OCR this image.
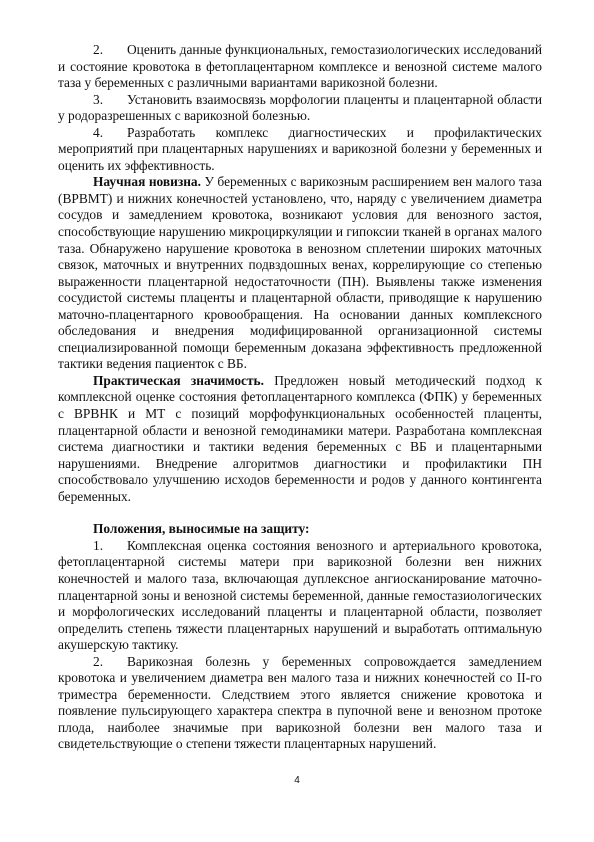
2. Оценить данные функциональных, гемостазиологических исследований и состояние кровотока в фетоплацентарном комплексе и венозной системе малого таза у беременных с различными вариантами варикозной болезни.

3. Установить взаимосвязь морфологии плаценты и плацентарной области у родоразрешенных с варикозной болезнью.

4. Разработать комплекс диагностических и профилактических мероприятий при плацентарных нарушениях и варикозной болезни у беременных и оценить их эффективность.

Научная новизна. У беременных с варикозным расширением вен малого таза (ВРВМТ) и нижних конечностей установлено, что, наряду с увеличением диаметра сосудов и замедлением кровотока, возникают условия для венозного застоя, способствующие нарушению микроциркуляции и гипоксии тканей в органах малого таза. Обнаружено нарушение кровотока в венозном сплетении широких маточных связок, маточных и внутренних подвздошных венах, коррелирующие со степенью выраженности плацентарной недостаточности (ПН). Выявлены также изменения сосудистой системы плаценты и плацентарной области, приводящие к нарушению маточно-плацентарного кровообращения. На основании данных комплексного обследования и внедрения модифицированной организационной системы специализированной помощи беременным доказана эффективность предложенной тактики ведения пациенток с ВБ.

Практическая значимость. Предложен новый методический подход к комплексной оценке состояния фетоплацентарного комплекса (ФПК) у беременных с ВРВНК и МТ с позиций морфофункциональных особенностей плаценты, плацентарной области и венозной гемодинамики матери. Разработана комплексная система диагностики и тактики ведения беременных с ВБ и плацентарными нарушениями. Внедрение алгоритмов диагностики и профилактики ПН способствовало улучшению исходов беременности и родов у данного контингента беременных.

Положения, выносимые на защиту:

1. Комплексная оценка состояния венозного и артериального кровотока, фетоплацентарной системы матери при варикозной болезни вен нижних конечностей и малого таза, включающая дуплексное ангиосканирование маточно-плацентарной зоны и венозной системы беременной, данные гемостазиологических и морфологических исследований плаценты и плацентарной области, позволяет определить степень тяжести плацентарных нарушений и выработать оптимальную акушерскую тактику.

2. Варикозная болезнь у беременных сопровождается замедлением кровотока и увеличением диаметра вен малого таза и нижних конечностей со II-го триместра беременности. Следствием этого является снижение кровотока и появление пульсирующего характера спектра в пупочной вене и венозном протоке плода, наиболее значимые при варикозной болезни вен малого таза и свидетельствующие о степени тяжести плацентарных нарушений.

4
